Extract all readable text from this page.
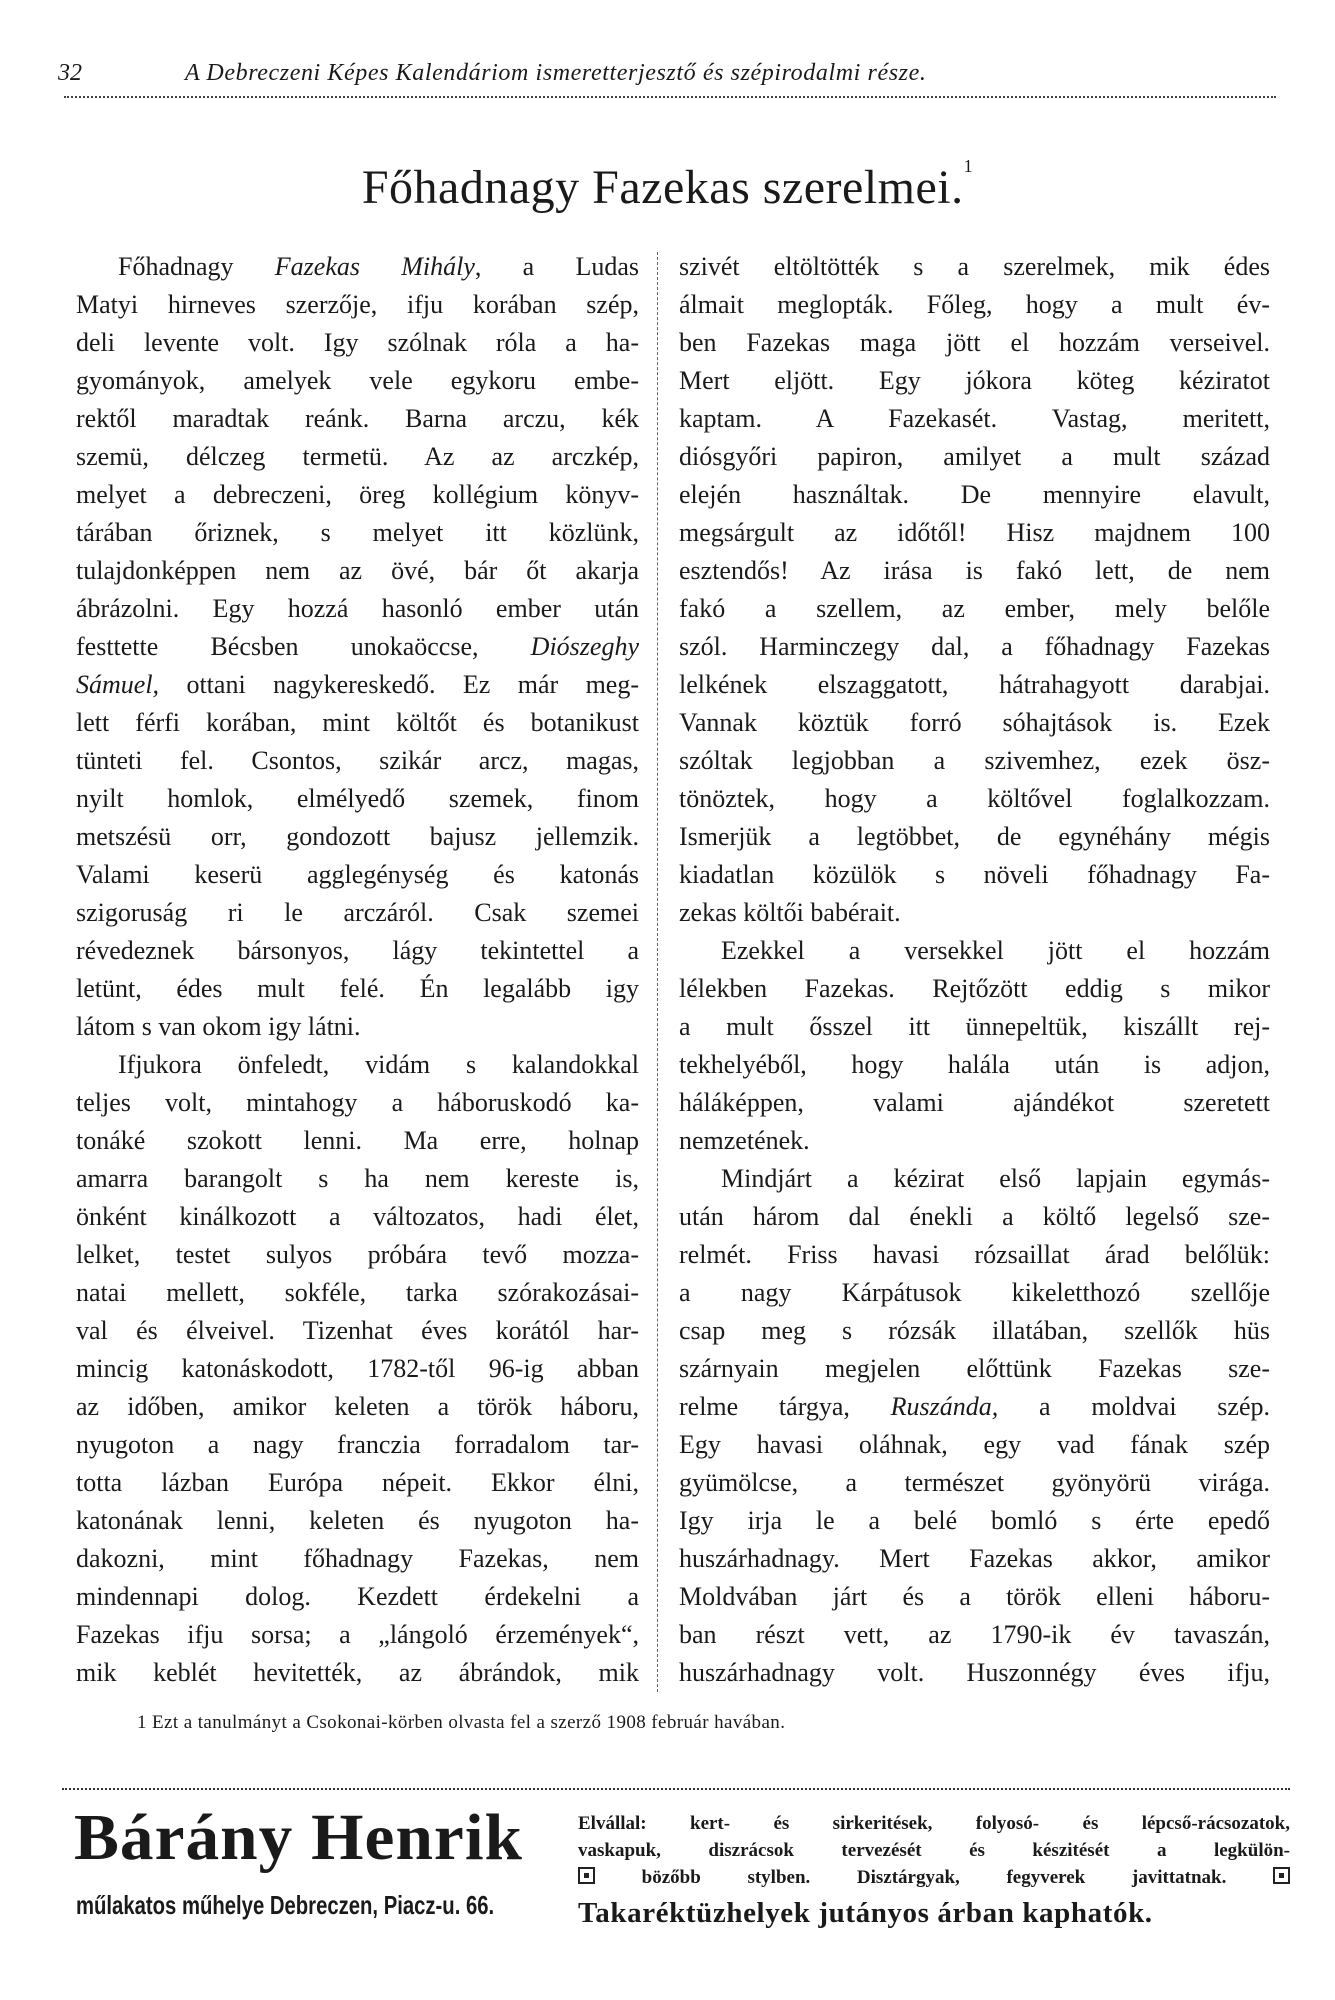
32	A Debreczeni Képes Kalendáriom ismeretterjesztő és szépirodalmi része.
Főhadnagy Fazekas szerelmei.$^1$
Főhadnagy Fazekas Mihály, a Ludas
Matyi hirneves szerzője, ifju korában szép,
deli levente volt. Igy szólnak róla a ha-
gyományok, amelyek vele egykoru embe-
rektől maradtak reánk. Barna arczu, kék
szemü, délczeg termetü. Az az arczkép,
melyet a debreczeni, öreg kollégium könyv-
tárában őriznek, s melyet itt közlünk,
tulajdonképpen nem az övé, bár őt akarja
ábrázolni. Egy hozzá hasonló ember után
festtette Bécsben unokaöccse, Diószeghy
Sámuel, ottani nagykereskedő. Ez már meg-
lett férfi korában, mint költőt és botanikust
tünteti fel. Csontos, szikár arcz, magas,
nyilt homlok, elmélyedő szemek, finom
metszésü orr, gondozott bajusz jellemzik.
Valami keserü agglegénység és katonás
szigoruság ri le arczáról. Csak szemei
révedeznek bársonyos, lágy tekintettel a
letünt, édes mult felé. Én legalább igy
látom s van okom igy látni.
Ifjukora önfeledt, vidám s kalandokkal
teljes volt, mintahogy a háboruskodó ka-
tonáké szokott lenni. Ma erre, holnap
amarra barangolt s ha nem kereste is,
önként kinálkozott a változatos, hadi élet,
lelket, testet sulyos próbára tevő mozza-
natai mellett, sokféle, tarka szórakozásai-
val és élveivel. Tizenhat éves korától har-
mincig katonáskodott, 1782-től 96-ig abban
az időben, amikor keleten a török háboru,
nyugoton a nagy franczia forradalom tar-
totta lázban Európa népeit. Ekkor élni,
katonának lenni, keleten és nyugoton ha-
dakozni, mint főhadnagy Fazekas, nem
mindennapi dolog. Kezdett érdekelni a
Fazekas ifju sorsa; a „lángoló érzemények“,
mik keblét hevitették, az ábrándok, mik
szivét eltöltötték s a szerelmek, mik édes
álmait meglopták. Főleg, hogy a mult év-
ben Fazekas maga jött el hozzám verseivel.
Mert eljött. Egy jókora köteg kéziratot
kaptam. A Fazekasét. Vastag, meritett,
diósgyőri papiron, amilyet a mult század
elején használtak. De mennyire elavult,
megsárgult az időtől! Hisz majdnem 100
esztendős! Az irása is fakó lett, de nem
fakó a szellem, az ember, mely belőle
szól. Harminczegy dal, a főhadnagy Fazekas
lelkének elszaggatott, hátrahagyott darabjai.
Vannak köztük forró sóhajtások is. Ezek
szóltak legjobban a szivemhez, ezek ösz-
tönöztek, hogy a költővel foglalkozzam.
Ismerjük a legtöbbet, de egynéhány mégis
kiadatlan közülök s növeli főhadnagy Fa-
zekas költői babérait.
Ezekkel a versekkel jött el hozzám
lélekben Fazekas. Rejtőzött eddig s mikor
a mult ősszel itt ünnepeltük, kiszállt rej-
tekhelyéből, hogy halála után is adjon,
háláképpen, valami ajándékot szeretett
nemzetének.
Mindjárt a kézirat első lapjain egymás-
után három dal énekli a költő legelső sze-
relmét. Friss havasi rózsaillat árad belőlük:
a nagy Kárpátusok kikeletthozó szellője
csap meg s rózsák illatában, szellők hüs
szárnyain megjelen előttünk Fazekas sze-
relme tárgya, Ruszánda, a moldvai szép.
Egy havasi oláhnak, egy vad fának szép
gyümölcse, a természet gyönyörü virága.
Igy irja le a belé bomló s érte epedő
huszárhadnagy. Mert Fazekas akkor, amikor
Moldvában járt és a török elleni háboru-
ban részt vett, az 1790-ik év tavaszán,
huszárhadnagy volt. Huszonnégy éves ifju,
1 Ezt a tanulmányt a Csokonai-körben olvasta fel a szerző 1908 február havában.
Bárány Henrik
műlakatos műhelye Debreczen, Piacz-u. 66.
Elvállal: kert- és sirkeritések, folyosó- és lépcső-rácsozatok,
vaskapuk, diszrácsok tervezését és készitését a legkülön-
bözőbb stylben. Disztárgyak, fegyverek javittatnak.
Takaréktüzhelyek jutányos árban kaphatók.
